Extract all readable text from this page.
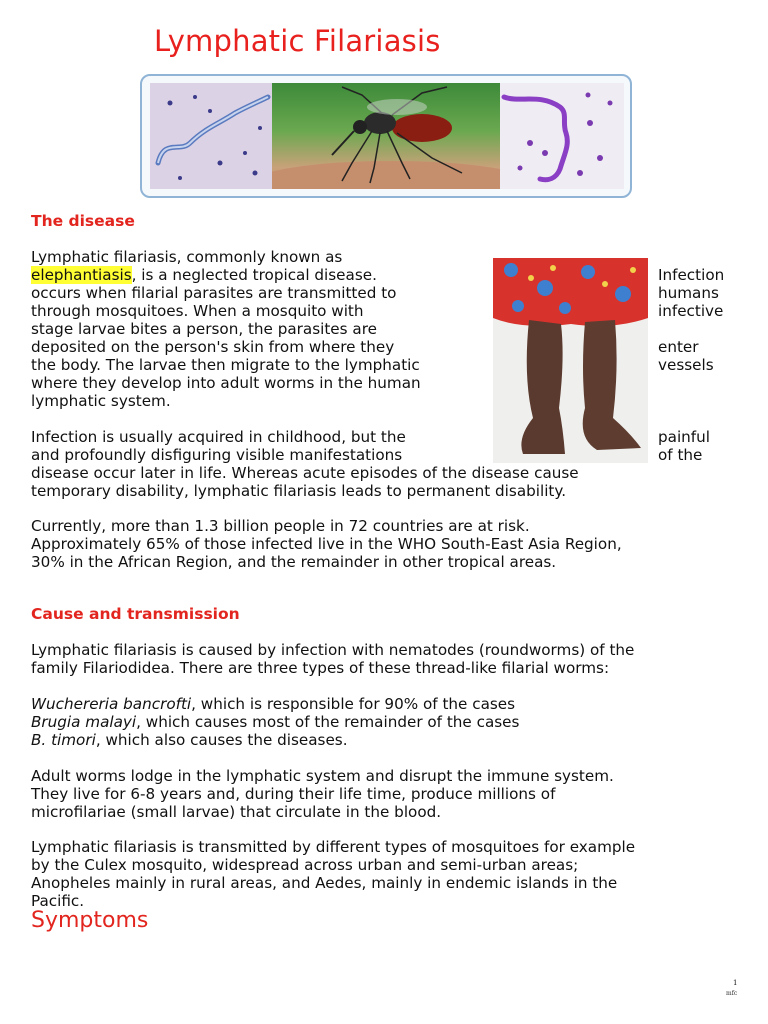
Lymphatic Filariasis
The disease
Lymphatic filariasis, commonly known as
elephantiasis, is a neglected tropical disease.	Infection
occurs when filarial parasites are transmitted to	humans
through mosquitoes. When a mosquito with	infective
stage larvae bites a person, the parasites are
deposited on the person's skin from where they	enter
the body. The larvae then migrate to the lymphatic	vessels
where they develop into adult worms in the human
lymphatic system.
Infection is usually acquired in childhood, but the	painful
and profoundly disfiguring visible manifestations	of the
disease occur later in life. Whereas acute episodes of the disease cause
temporary disability, lymphatic filariasis leads to permanent disability.
Currently, more than 1.3 billion people in 72 countries are at risk.
Approximately 65% of those infected live in the WHO South-East Asia Region,
30% in the African Region, and the remainder in other tropical areas.
Cause and transmission
Lymphatic filariasis is caused by infection with nematodes (roundworms) of the
family Filariodidea. There are three types of these thread-like filarial worms:
Wuchereria bancrofti, which is responsible for 90% of the cases
Brugia malayi, which causes most of the remainder of the cases
B. timori, which also causes the diseases.
Adult worms lodge in the lymphatic system and disrupt the immune system.
They live for 6-8 years and, during their life time, produce millions of
microfilariae (small larvae) that circulate in the blood.
Lymphatic filariasis is transmitted by different types of mosquitoes for example
by the Culex mosquito, widespread across urban and semi-urban areas;
Anopheles mainly in rural areas, and Aedes, mainly in endemic islands in the
Pacific.
Symptoms
1
mfc
